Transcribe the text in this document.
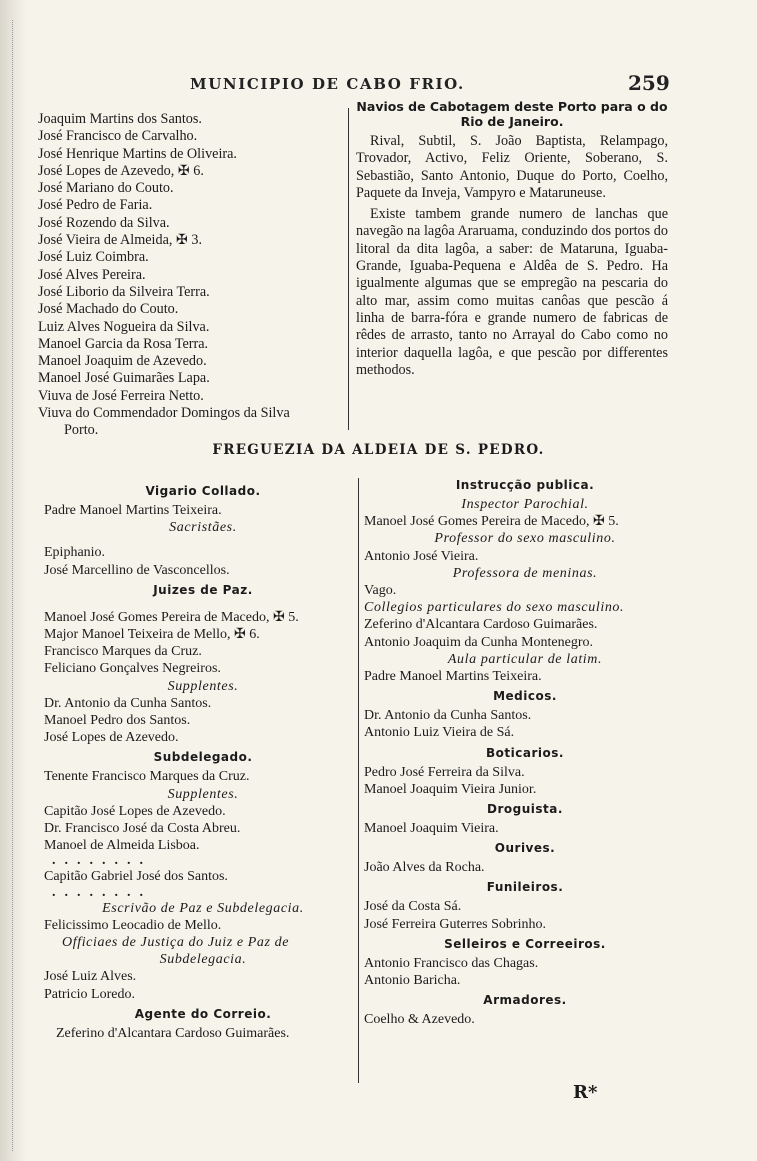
MUNICIPIO DE CABO FRIO.	259
Joaquim Martins dos Santos.
José Francisco de Carvalho.
José Henrique Martins de Oliveira.
José Lopes de Azevedo, ✠ 6.
José Mariano do Couto.
José Pedro de Faria.
José Rozendo da Silva.
José Vieira de Almeida, ✠ 3.
José Luiz Coimbra.
José Alves Pereira.
José Liborio da Silveira Terra.
José Machado do Couto.
Luiz Alves Nogueira da Silva.
Manoel Garcia da Rosa Terra.
Manoel Joaquim de Azevedo.
Manoel José Guimarães Lapa.
Viuva de José Ferreira Netto.
Viuva do Commendador Domingos da Silva
Porto.
Navios de Cabotagem deste Porto para o do Rio de Janeiro.

Rival, Subtil, S. João Baptista, Relampago, Trovador, Activo, Feliz Oriente, Soberano, S. Sebastião, Santo Antonio, Duque do Porto, Coelho, Paquete da Inveja, Vampyro e Mataruneuse.

Existe tambem grande numero de lanchas que navegão na lagôa Araruama, conduzindo dos portos do litoral da dita lagôa, a saber: de Mataruna, Iguaba-Grande, Iguaba-Pequena e Aldêa de S. Pedro. Ha igualmente algumas que se empregão na pescaria do alto mar, assim como muitas canôas que pescão á linha de barra-fóra e grande numero de fabricas de rêdes de arrasto, tanto no Arrayal do Cabo como no interior daquella lagôa, e que pescão por differentes methodos.

FREGUEZIA DA ALDEIA DE S. PEDRO.
Vigario Collado.
Padre Manoel Martins Teixeira.
Sacristães.
Epiphanio.
José Marcellino de Vasconcellos.
Juizes de Paz.
Manoel José Gomes Pereira de Macedo, ✠ 5.
Major Manoel Teixeira de Mello, ✠ 6.
Francisco Marques da Cruz.
Feliciano Gonçalves Negreiros.
Supplentes.
Dr. Antonio da Cunha Santos.
Manoel Pedro dos Santos.
José Lopes de Azevedo.
Subdelegado.
Tenente Francisco Marques da Cruz.
Supplentes.
Capitão José Lopes de Azevedo.
Dr. Francisco José da Costa Abreu.
Manoel de Almeida Lisboa.
........
Capitão Gabriel José dos Santos.
........
Escrivão de Paz e Subdelegacia.
Felicissimo Leocadio de Mello.
Officiaes de Justiça do Juiz e Paz de
Subdelegacia.
José Luiz Alves.
Patricio Loredo.
Agente do Correio.
Zeferino d'Alcantara Cardoso Guimarães.
Instrucção publica.
Inspector Parochial.
Manoel José Gomes Pereira de Macedo, ✠ 5.
Professor do sexo masculino.
Antonio José Vieira.
Professora de meninas.
Vago.
Collegios particulares do sexo masculino.
Zeferino d'Alcantara Cardoso Guimarães.
Antonio Joaquim da Cunha Montenegro.
Aula particular de latim.
Padre Manoel Martins Teixeira.
Medicos.
Dr. Antonio da Cunha Santos.
Antonio Luiz Vieira de Sá.
Boticarios.
Pedro José Ferreira da Silva.
Manoel Joaquim Vieira Junior.
Droguista.
Manoel Joaquim Vieira.
Ourives.
João Alves da Rocha.
Funileiros.
José da Costa Sá.
José Ferreira Guterres Sobrinho.
Selleiros e Correeiros.
Antonio Francisco das Chagas.
Antonio Baricha.
Armadores.
Coelho & Azevedo.
R*
